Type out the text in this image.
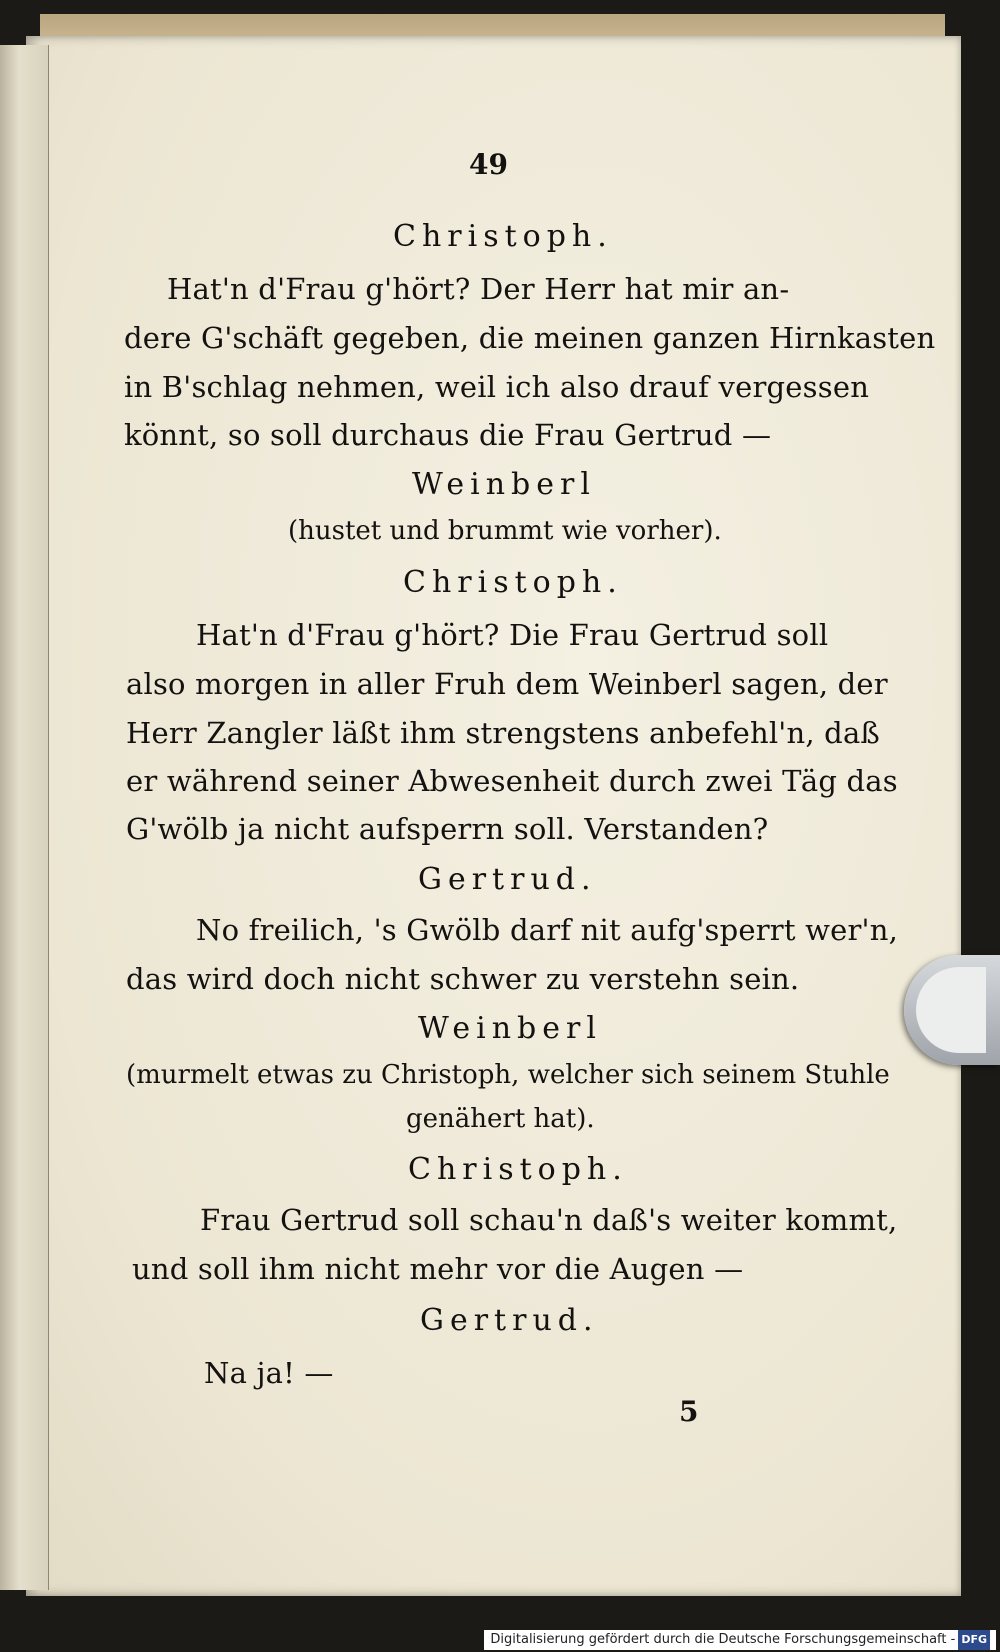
49

Christoph.

Hat'n d'Frau g'hört? Der Herr hat mir an-

dere G'schäft gegeben, die meinen ganzen Hirnkasten

in B'schlag nehmen, weil ich also drauf vergessen

könnt, so soll durchaus die Frau Gertrud —

Weinberl

(hustet und brummt wie vorher).

Christoph.

Hat'n d'Frau g'hört? Die Frau Gertrud soll

also morgen in aller Fruh dem Weinberl sagen, der

Herr Zangler läßt ihm strengstens anbefehl'n, daß

er während seiner Abwesenheit durch zwei Täg das

G'wölb ja nicht aufsperrn soll. Verstanden?

Gertrud.

No freilich, 's Gwölb darf nit aufg'sperrt wer'n,

das wird doch nicht schwer zu verstehn sein.

Weinberl

(murmelt etwas zu Christoph, welcher sich seinem Stuhle

genähert hat).

Christoph.

Frau Gertrud soll schau'n daß's weiter kommt,

und soll ihm nicht mehr vor die Augen —

Gertrud.

Na ja! —

5

Digitalisierung gefördert durch die Deutsche Forschungsgemeinschaft - DFG
